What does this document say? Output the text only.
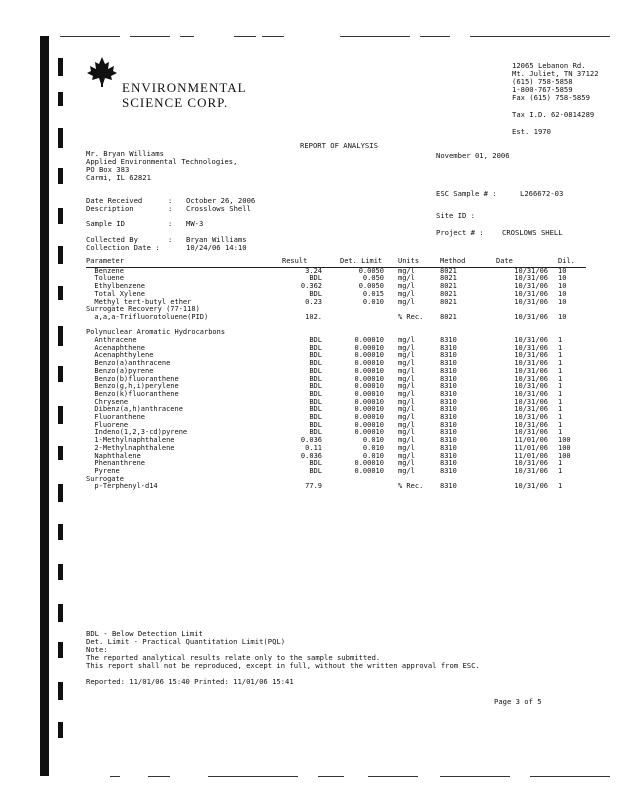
ENVIRONMENTAL
SCIENCE CORP.
12065 Lebanon Rd.
Mt. Juliet, TN 37122
(615) 758-5858
1-800-767-5859
Fax (615) 758-5859
Tax I.D. 62-0814289
Est. 1970
REPORT OF ANALYSIS
Mr. Bryan Williams
Applied Environmental Technologies,
PO Box 383
Carmi, IL 62821
November 01, 2006
Date Received	: October 26, 2006
Description	: Crosslows Shell
Sample ID	: MW-3
Collected By	: Bryan Williams
Collection Date :	10/24/06 14:10
ESC Sample # :	L266672-03
Site ID :
Project # :	CROSLOWS SHELL
Parameter	Result	Det. Limit	Units	Method	Date	Dil.
Benzene	3.24	0.0050	mg/l	8021	10/31/06	10
Toluene	BDL	0.050	mg/l	8021	10/31/06	10
Ethylbenzene	0.362	0.0050	mg/l	8021	10/31/06	10
Total Xylene	BDL	0.015	mg/l	8021	10/31/06	10
Methyl tert-butyl ether	0.23	0.010	mg/l	8021	10/31/06	10
Surrogate Recovery (77-118)						
a,a,a-Trifluorotoluene(PID)	102.		% Rec.	8021	10/31/06	10

Polynuclear Aromatic Hydrocarbons						
Anthracene	BDL	0.00010	mg/l	8310	10/31/06	1
Acenaphthene	BDL	0.00010	mg/l	8310	10/31/06	1
Acenaphthylene	BDL	0.00010	mg/l	8310	10/31/06	1
Benzo(a)anthracene	BDL	0.00010	mg/l	8310	10/31/06	1
Benzo(a)pyrene	BDL	0.00010	mg/l	8310	10/31/06	1
Benzo(b)fluoranthene	BDL	0.00010	mg/l	8310	10/31/06	1
Benzo(g,h,i)perylene	BDL	0.00010	mg/l	8310	10/31/06	1
Benzo(k)fluoranthene	BDL	0.00010	mg/l	8310	10/31/06	1
Chrysene	BDL	0.00010	mg/l	8310	10/31/06	1
Dibenz(a,h)anthracene	BDL	0.00010	mg/l	8310	10/31/06	1
Fluoranthene	BDL	0.00010	mg/l	8310	10/31/06	1
Fluorene	BDL	0.00010	mg/l	8310	10/31/06	1
Indeno(1,2,3-cd)pyrene	BDL	0.00010	mg/l	8310	10/31/06	1
1-Methylnaphthalene	0.036	0.010	mg/l	8310	11/01/06	100
2-Methylnaphthalene	0.11	0.010	mg/l	8310	11/01/06	100
Naphthalene	0.036	0.010	mg/l	8310	11/01/06	100
Phenanthrene	BDL	0.00010	mg/l	8310	10/31/06	1
Pyrene	BDL	0.00010	mg/l	8310	10/31/06	1
Surrogate						
p-Terphenyl-d14	77.9		% Rec.	8310	10/31/06	1
BDL - Below Detection Limit
Det. Limit - Practical Quantitation Limit(PQL)
Note:
The reported analytical results relate only to the sample submitted.
This report shall not be reproduced, except in full, without the written approval from ESC.
Reported: 11/01/06 15:40 Printed: 11/01/06 15:41
Page 3 of 5
